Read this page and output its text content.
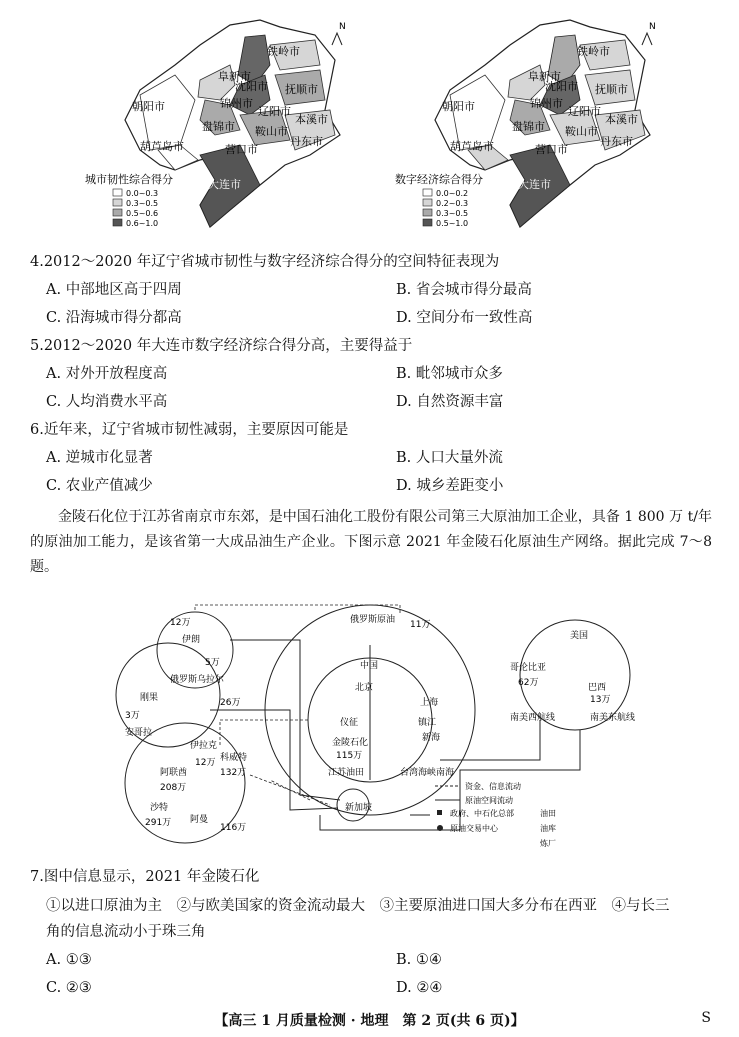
铁岭市
阜新市
沈阳市 抚顺市
朝阳市	锦州市
辽阳市
本溪市
盘锦市 鞍山市
丹东市
葫芦岛市	营口市
大连市
N
城市韧性综合得分
0.0~0.3
0.3~0.5
0.5~0.6
0.6~1.0
铁岭市
阜新市
沈阳市 抚顺市
朝阳市	锦州市
辽阳市
本溪市
盘锦市 鞍山市
丹东市
葫芦岛市	营口市
大连市
N
数字经济综合得分
0.0~0.2
0.2~0.3
0.3~0.5
0.5~1.0
4.2012～2020 年辽宁省城市韧性与数字经济综合得分的空间特征表现为
A. 中部地区高于四周	B. 省会城市得分最高
C. 沿海城市得分都高	D. 空间分布一致性高
5.2012～2020 年大连市数字经济综合得分高，主要得益于
A. 对外开放程度高	B. 毗邻城市众多
C. 人均消费水平高	D. 自然资源丰富
6.近年来，辽宁省城市韧性减弱，主要原因可能是
A. 逆城市化显著	B. 人口大量外流
C. 农业产值减少	D. 城乡差距变小
金陵石化位于江苏省南京市东郊，是中国石油化工股份有限公司第三大原油加工企业，具备 1 800 万 t/年的原油加工能力，是该省第一大成品油生产企业。下图示意 2021 年金陵石化原油生产网络。据此完成 7～8 题。
12万
伊朗
5万
俄罗斯乌拉尔
刚果
3万
安哥拉
伊拉克
12万 科威特
132万
阿联酋
208万
沙特
291万 阿曼
116万
俄罗斯原油 11万
中国
北京
上海
仪征	镇江
金陵石化
115万
新海
江苏油田	台湾海峡南海
新加坡
美国
哥伦比亚
62万	巴西
13万
南美西航线	南美东航线
26万
资金、信息流动
原油空间流动
政府、中石化总部
原油交易中心
油田
油库
炼厂
7.图中信息显示，2021 年金陵石化
①以进口原油为主　②与欧美国家的资金流动最大　③主要原油进口国大多分布在西亚　④与长三
角的信息流动小于珠三角
A. ①③	B. ①④
C. ②③	D. ②④
【高三 1 月质量检测 · 地理　第 2 页(共 6 页)】	S
